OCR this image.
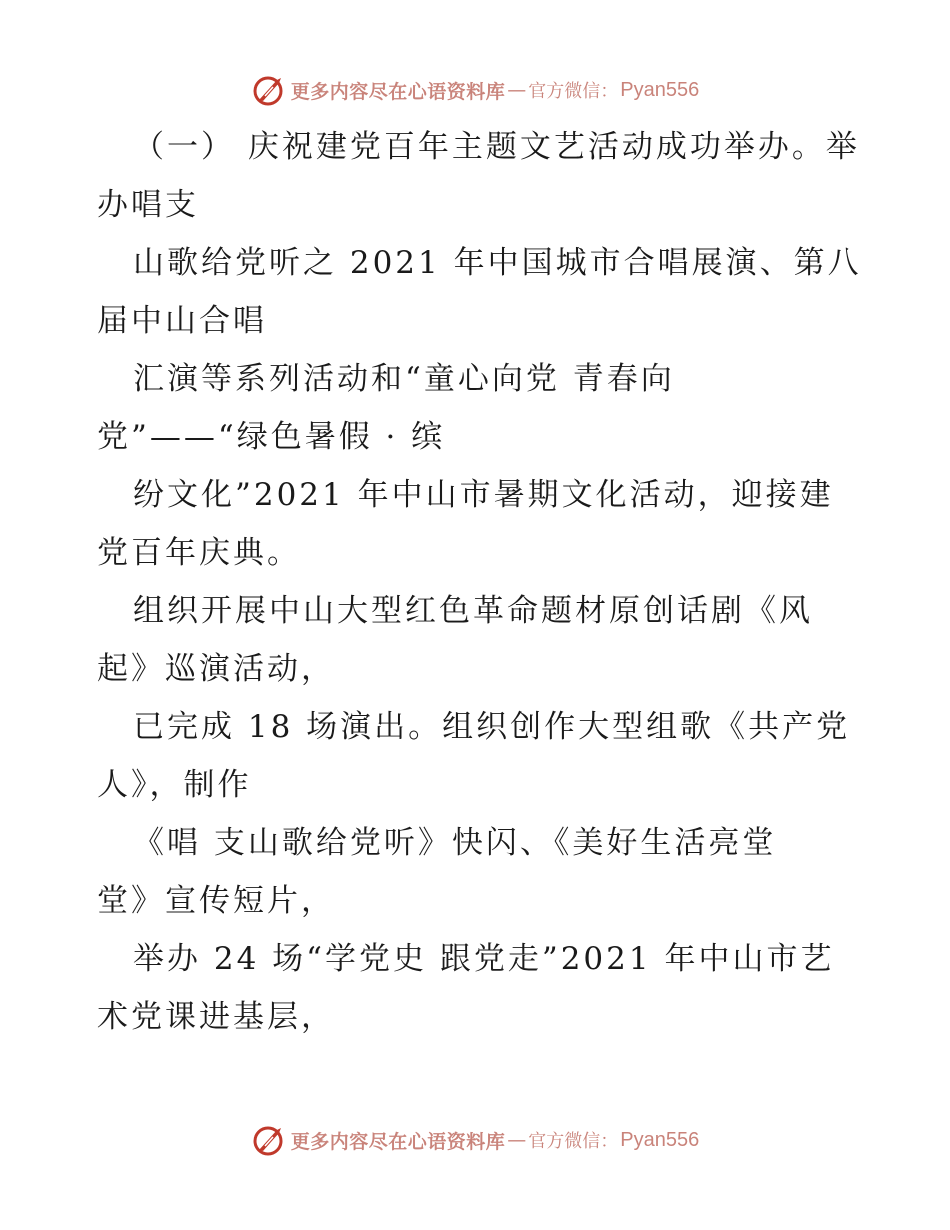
更多内容尽在心语资料库 — 官方微信： Pyan556
（一） 庆祝建党百年主题文艺活动成功举办。举
办唱支
山歌给党听之 2021 年中国城市合唱展演、第八
届中山合唱
汇演等系列活动和“童心向党 青春向
党”——“绿色暑假 · 缤
纷文化”2021 年中山市暑期文化活动，迎接建
党百年庆典。
组织开展中山大型红色革命题材原创话剧《风
起》巡演活动，
已完成 18 场演出。组织创作大型组歌《共产党
人》，制作
《唱 支山歌给党听》快闪、《美好生活亮堂
堂》宣传短片，
举办 24 场“学党史 跟党走”2021 年中山市艺
术党课进基层，
更多内容尽在心语资料库 — 官方微信： Pyan556
